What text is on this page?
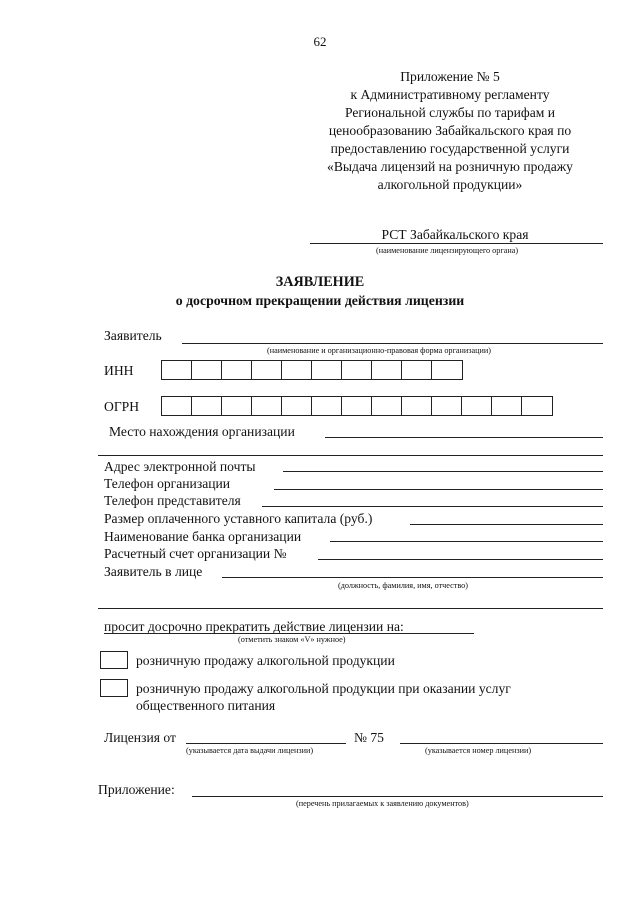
62
Приложение № 5
к Административному регламенту
Региональной службы по тарифам и
ценообразованию Забайкальского края по
предоставлению государственной услуги
«Выдача лицензий на розничную продажу
алкогольной продукции»
РСТ Забайкальского края
(наименование лицензирующего органа)
ЗАЯВЛЕНИЕ
о досрочном прекращении действия лицензии
Заявитель
(наименование и организационно-правовая форма организации)
ИНН
ОГРН
Место нахождения организации
Адрес электронной почты
Телефон организации
Телефон представителя
Размер оплаченного уставного капитала (руб.)
Наименование банка организации
Расчетный счет организации №
Заявитель в лице
(должность, фамилия, имя, отчество)
просит досрочно прекратить действие лицензии на:
(отметить знаком «V» нужное)
розничную продажу алкогольной продукции
розничную продажу алкогольной продукции при оказании услуг
общественного питания
Лицензия от	№ 75
(указывается дата выдачи лицензии)	(указывается номер лицензии)
Приложение:
(перечень прилагаемых к заявлению документов)
